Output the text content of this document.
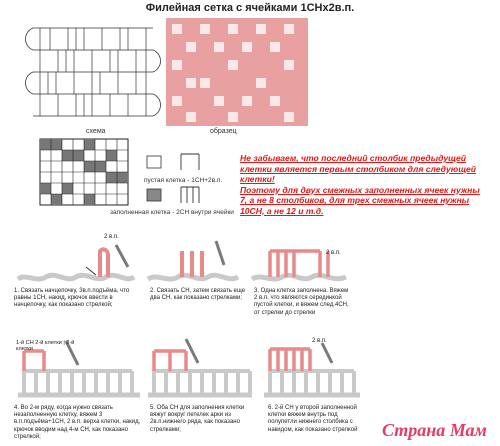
Филейная сетка с ячейками 1СНх2в.п.
схема	образец
пустая клетка - 1СН+2в.п.
заполненная клетка - 2СН внутри ячейки
Не забываем, что последний столбик предыдущей
клетки является первым столбиком для следующей
клетки!
Поэтому для двух смежных заполненных ячеек нужны
7, а не 8 столбиков, для трех смежных ячеек нужны
10СН, а не 12 и т.д.
2 в.п.
2 в.п.
1. Связать начцепочку, 3в.п.подъёма, что равны 1СН, накид, крючок ввести в начцепочку, как показано стрелкой;
2. Связать СН, затем связать еще два СН, как показано стрелками;
3. Одна клетка заполнена. Вяжем 2 в.п. что являются серединкой пустой клетки, и вяжем след.4СН, от стрелки до стрелки
1-й СН 2-й клетки | 2-й клетки
2 в.п.
4. Во 2-м ряду, когда нужно связать незаполненную клетку, вяжем 3 в.п.подъёма+1СН, 2 в.п. верха клетки, накид, крючок вводим над 4-м СН, как показано стрелкой;
5. Оба СН для заполнения клетки вяжут вокруг петелек арки из 2в.п.нижнего ряда, как показано стрелками;
6. 2-й СН у второй заполненной клетки вяжем внутрь под полупетли нижнего столбика с накидом, как показано стрелкой	Страна Мам
